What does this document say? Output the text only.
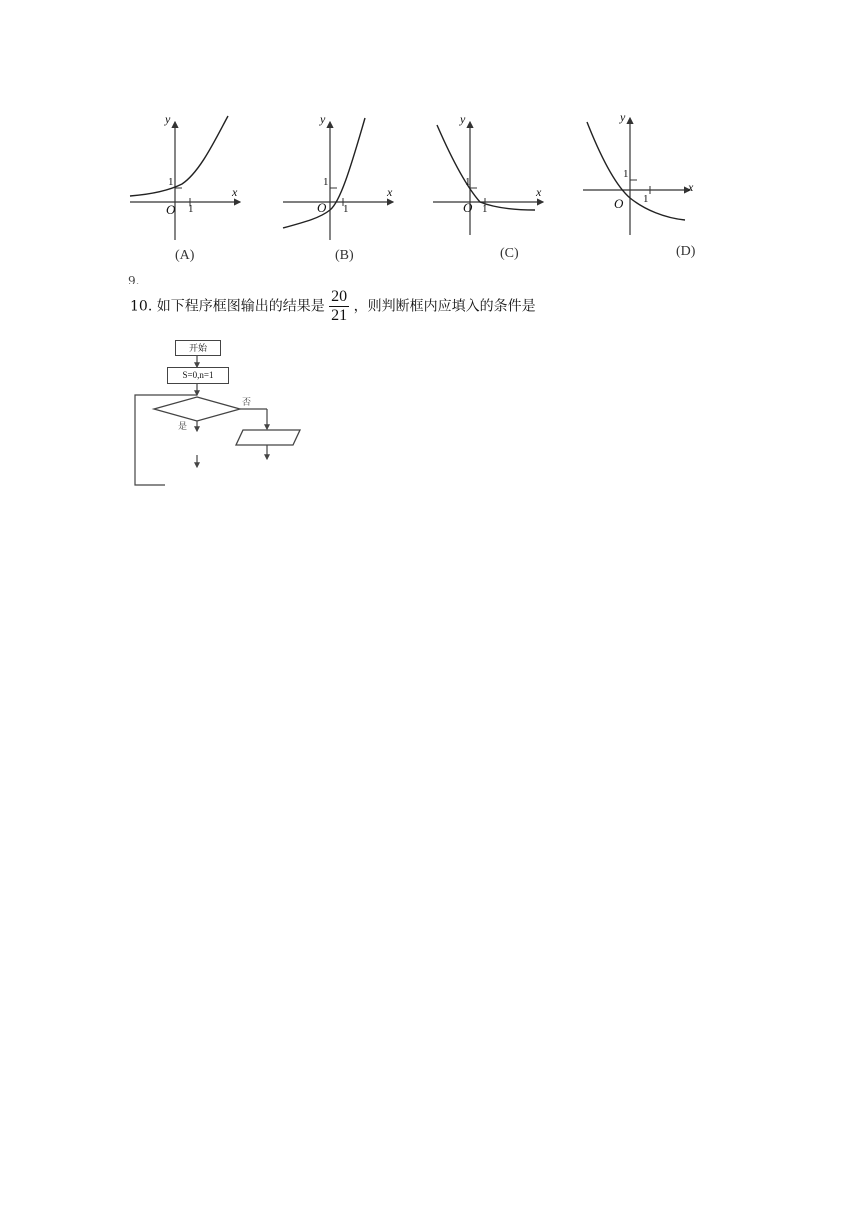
y
x
O
1
1
(A)
y
x
O
1
1
(B)
y
x
O
1
1
(C)
y
x
O
1
1
(D)
9.
10. 如下程序框图输出的结果是 $\frac{20}{21}$ ，则判断框内应填入的条件是
开始
S=0,n=1
否
是
